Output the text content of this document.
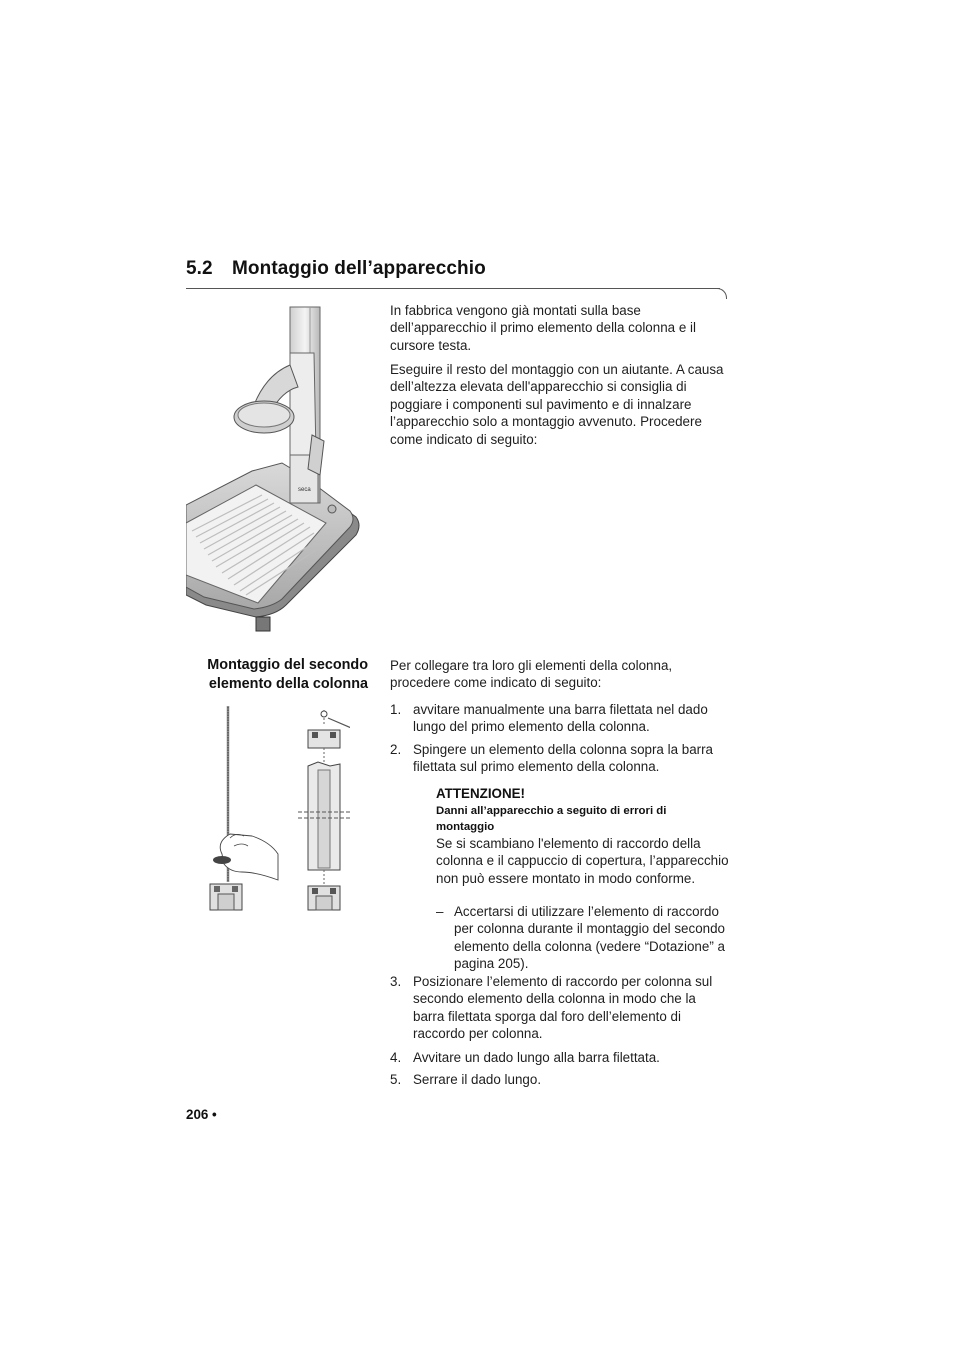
5.2 Montaggio dell’apparecchio
In fabbrica vengono già montati sulla base dell’apparecchio il primo elemento della colonna e il cursore testa.
Eseguire il resto del montaggio con un aiutante. A causa dell’altezza elevata dell'apparecchio si consiglia di poggiare i componenti sul pavimento e di innalzare l’apparecchio solo a montaggio avvenuto. Procedere come indicato di seguito:
seca
Montaggio del secondo elemento della colonna
Per collegare tra loro gli elementi della colonna, procedere come indicato di seguito:
1. avvitare manualmente una barra filettata nel dado lungo del primo elemento della colonna.
2. Spingere un elemento della colonna sopra la barra filettata sul primo elemento della colonna.
ATTENZIONE!
Danni all’apparecchio a seguito di errori di montaggio
Se si scambiano l'elemento di raccordo della colonna e il cappuccio di copertura, l’apparecchio non può essere montato in modo conforme.
– Accertarsi di utilizzare l’elemento di raccordo per colonna durante il montaggio del secondo elemento della colonna (vedere “Dotazione” a pagina 205).
3. Posizionare l’elemento di raccordo per colonna sul secondo elemento della colonna in modo che la barra filettata sporga dal foro dell’elemento di raccordo per colonna.
4. Avvitare un dado lungo alla barra filettata.
5. Serrare il dado lungo.
206 •
